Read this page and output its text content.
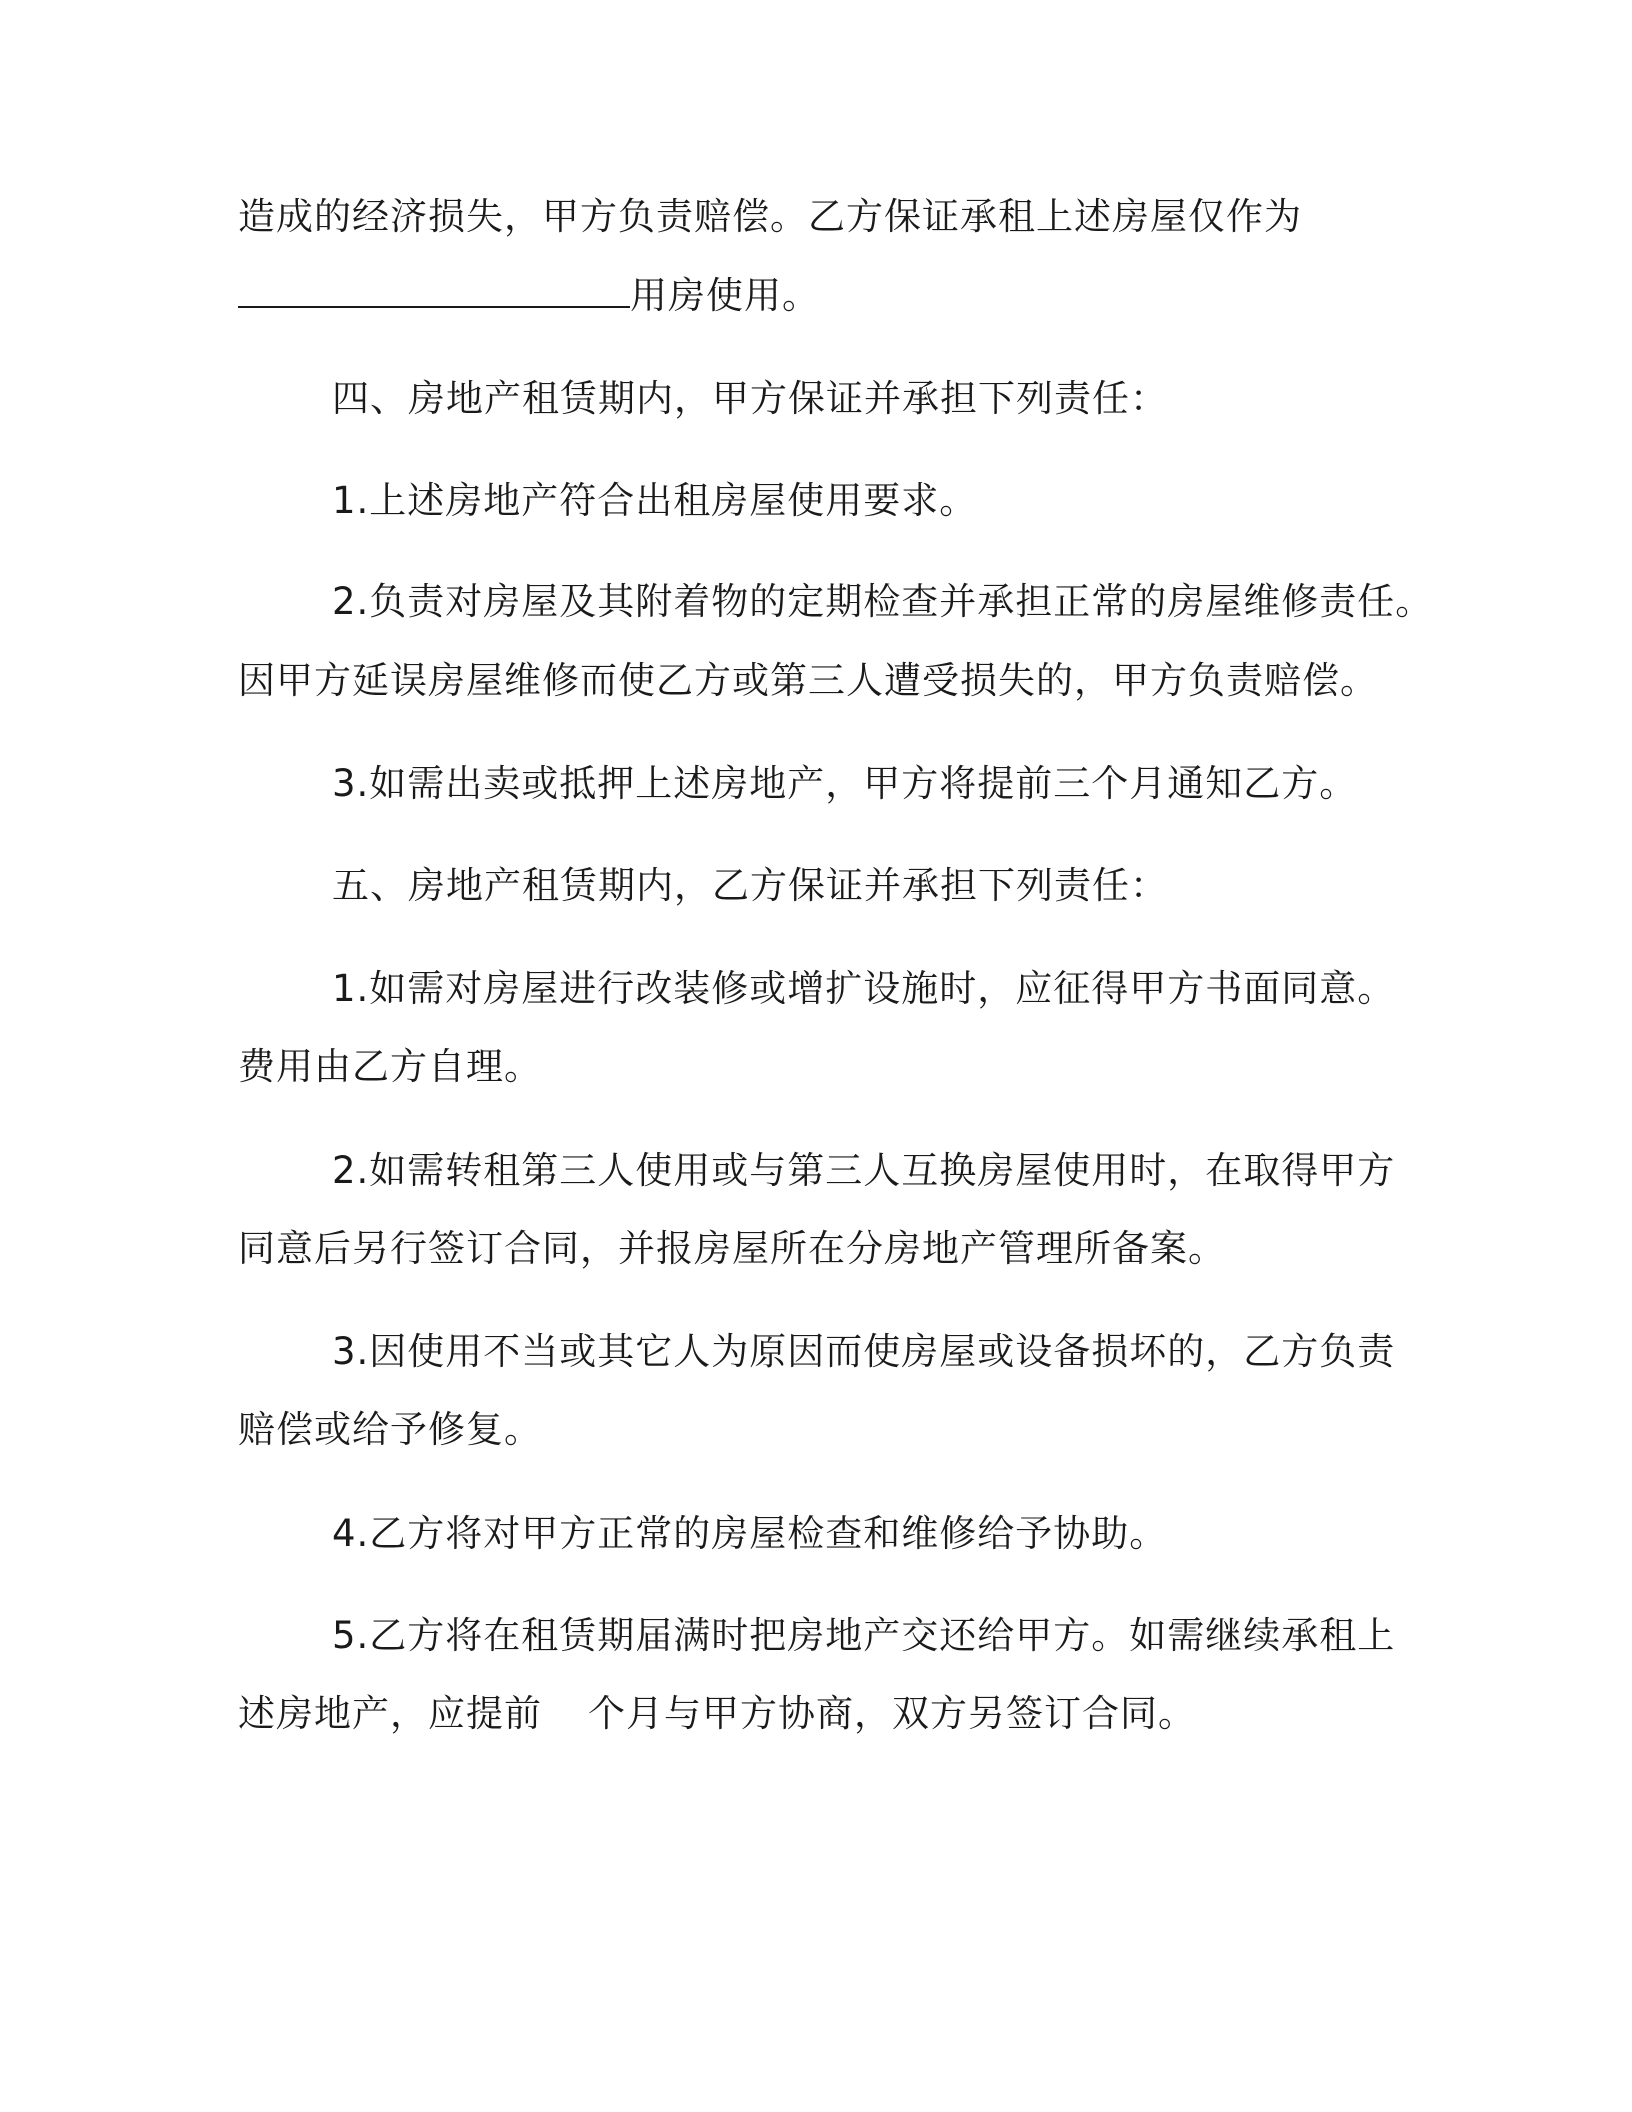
造成的经济损失，甲方负责赔偿。乙方保证承租上述房屋仅作为
用房使用。
四、房地产租赁期内，甲方保证并承担下列责任：
1.上述房地产符合出租房屋使用要求。
2.负责对房屋及其附着物的定期检查并承担正常的房屋维修责任。
因甲方延误房屋维修而使乙方或第三人遭受损失的，甲方负责赔偿。
3.如需出卖或抵押上述房地产，甲方将提前三个月通知乙方。
五、房地产租赁期内，乙方保证并承担下列责任：
1.如需对房屋进行改装修或增扩设施时，应征得甲方书面同意。
费用由乙方自理。
2.如需转租第三人使用或与第三人互换房屋使用时，在取得甲方
同意后另行签订合同，并报房屋所在分房地产管理所备案。
3.因使用不当或其它人为原因而使房屋或设备损坏的，乙方负责
赔偿或给予修复。
4.乙方将对甲方正常的房屋检查和维修给予协助。
5.乙方将在租赁期届满时把房地产交还给甲方。如需继续承租上
述房地产，应提前 个月与甲方协商，双方另签订合同。
